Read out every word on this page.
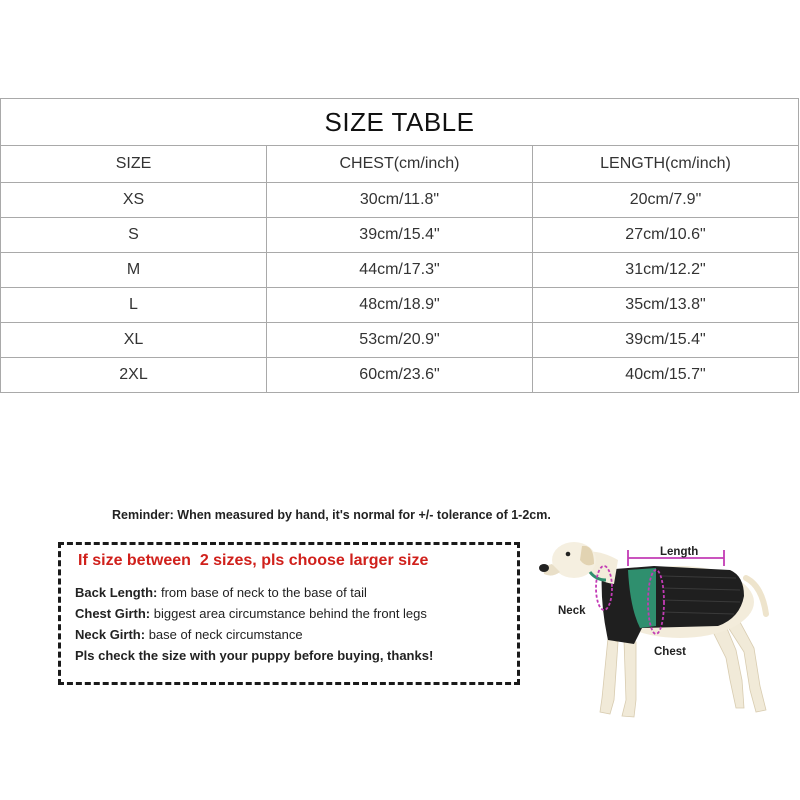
SIZE TABLE		
SIZE	CHEST(cm/inch)	LENGTH(cm/inch)
XS	30cm/11.8"	20cm/7.9"
S	39cm/15.4"	27cm/10.6"
M	44cm/17.3"	31cm/12.2"
L	48cm/18.9"	35cm/13.8"
XL	53cm/20.9"	39cm/15.4"
2XL	60cm/23.6"	40cm/15.7"
Reminder: When measured by hand, it's normal for +/- tolerance of 1-2cm.
If size between  2 sizes, pls choose larger size
Back Length: from base of neck to the base of tail
Chest Girth: biggest area circumstance behind the front legs
Neck Girth: base of neck circumstance
Pls check the size with your puppy before buying, thanks!
Length
Neck
Chest
